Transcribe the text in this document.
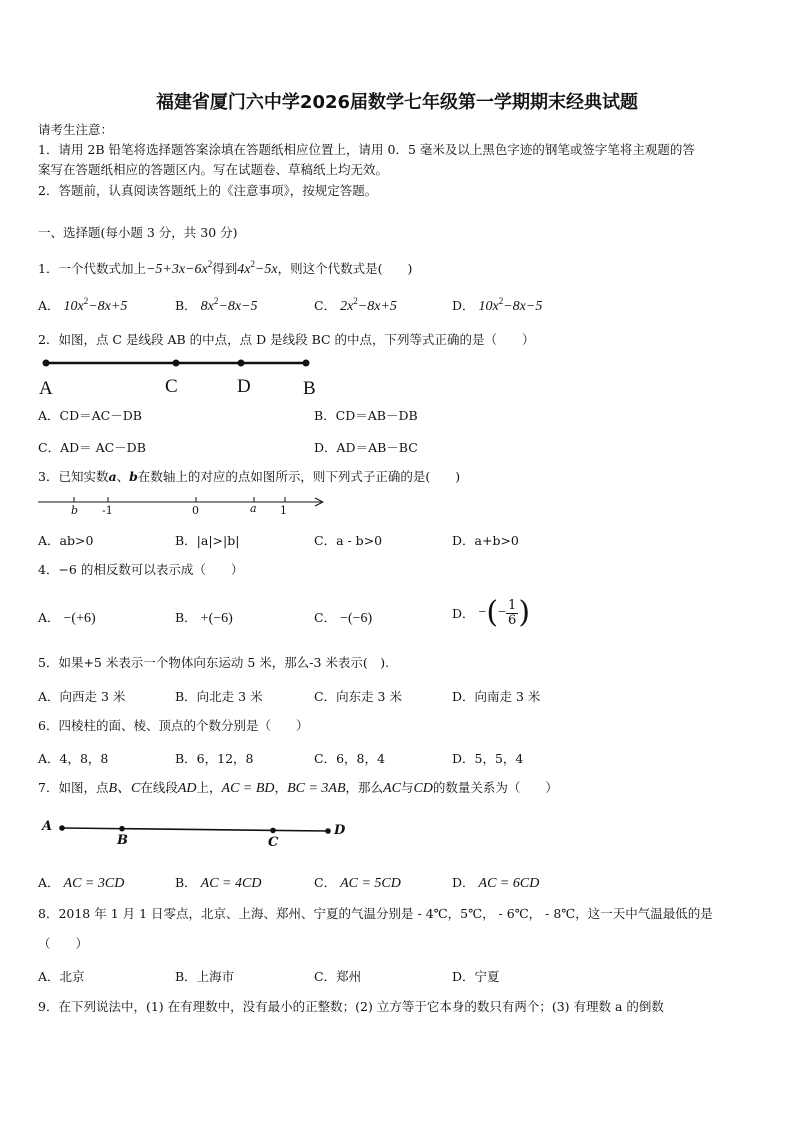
福建省厦门六中学2026届数学七年级第一学期期末经典试题
请考生注意：
1．请用 2B 铅笔将选择题答案涂填在答题纸相应位置上，请用 0．5 毫米及以上黑色字迹的钢笔或签字笔将主观题的答
案写在答题纸相应的答题区内。写在试题卷、草稿纸上均无效。
2．答题前，认真阅读答题纸上的《注意事项》，按规定答题。
一、选择题(每小题 3 分，共 30 分)
1．一个代数式加上$-5+3x-6x^2$得到$4x^2-5x$，则这个代数式是(　　)
A． $10x^2-8x+5$	B． $8x^2-8x-5$	C． $2x^2-8x+5$	D． $10x^2-8x-5$
2．如图，点 C 是线段 AB 的中点，点 D 是线段 BC 的中点，下列等式正确的是（　　）
A	C	D	B
A．CD＝AC－DB	B．CD＝AB－DB
C．AD＝ AC－DB	D．AD＝AB－BC
3．已知实数a、b在数轴上的对应的点如图所示，则下列式子正确的是(　　)
b -1	0	a 1
A．ab>0	B．|a|>|b|	C．a - b>0	D．a+b>0
4．−6 的相反数可以表示成（　　）
A． −(+6)	B． +(−6)	C． −(−6)	D． −(− $\frac{1}{6}$ )
5．如果+5 米表示一个物体向东运动 5 米，那么-3 米表示(　).
A．向西走 3 米	B．向北走 3 米	C．向东走 3 米	D．向南走 3 米
6．四棱柱的面、棱、顶点的个数分别是（　　）
A．4，8，8	B．6，12，8	C．6，8，4	D．5，5，4
7．如图，点B、C在线段AD上，AC = BD，BC = 3AB，那么AC与CD的数量关系为（　　）
A
B	C
D
A． AC = 3CD	B． AC = 4CD	C． AC = 5CD	D． AC = 6CD
8．2018 年 1 月 1 日零点，北京、上海、郑州、宁夏的气温分别是 - 4℃，5℃， - 6℃， - 8℃，这一天中气温最低的是
（　　）
A．北京	B．上海市	C．郑州	D．宁夏
9．在下列说法中，(1) 在有理数中，没有最小的正整数；(2) 立方等于它本身的数只有两个；(3) 有理数 a 的倒数
